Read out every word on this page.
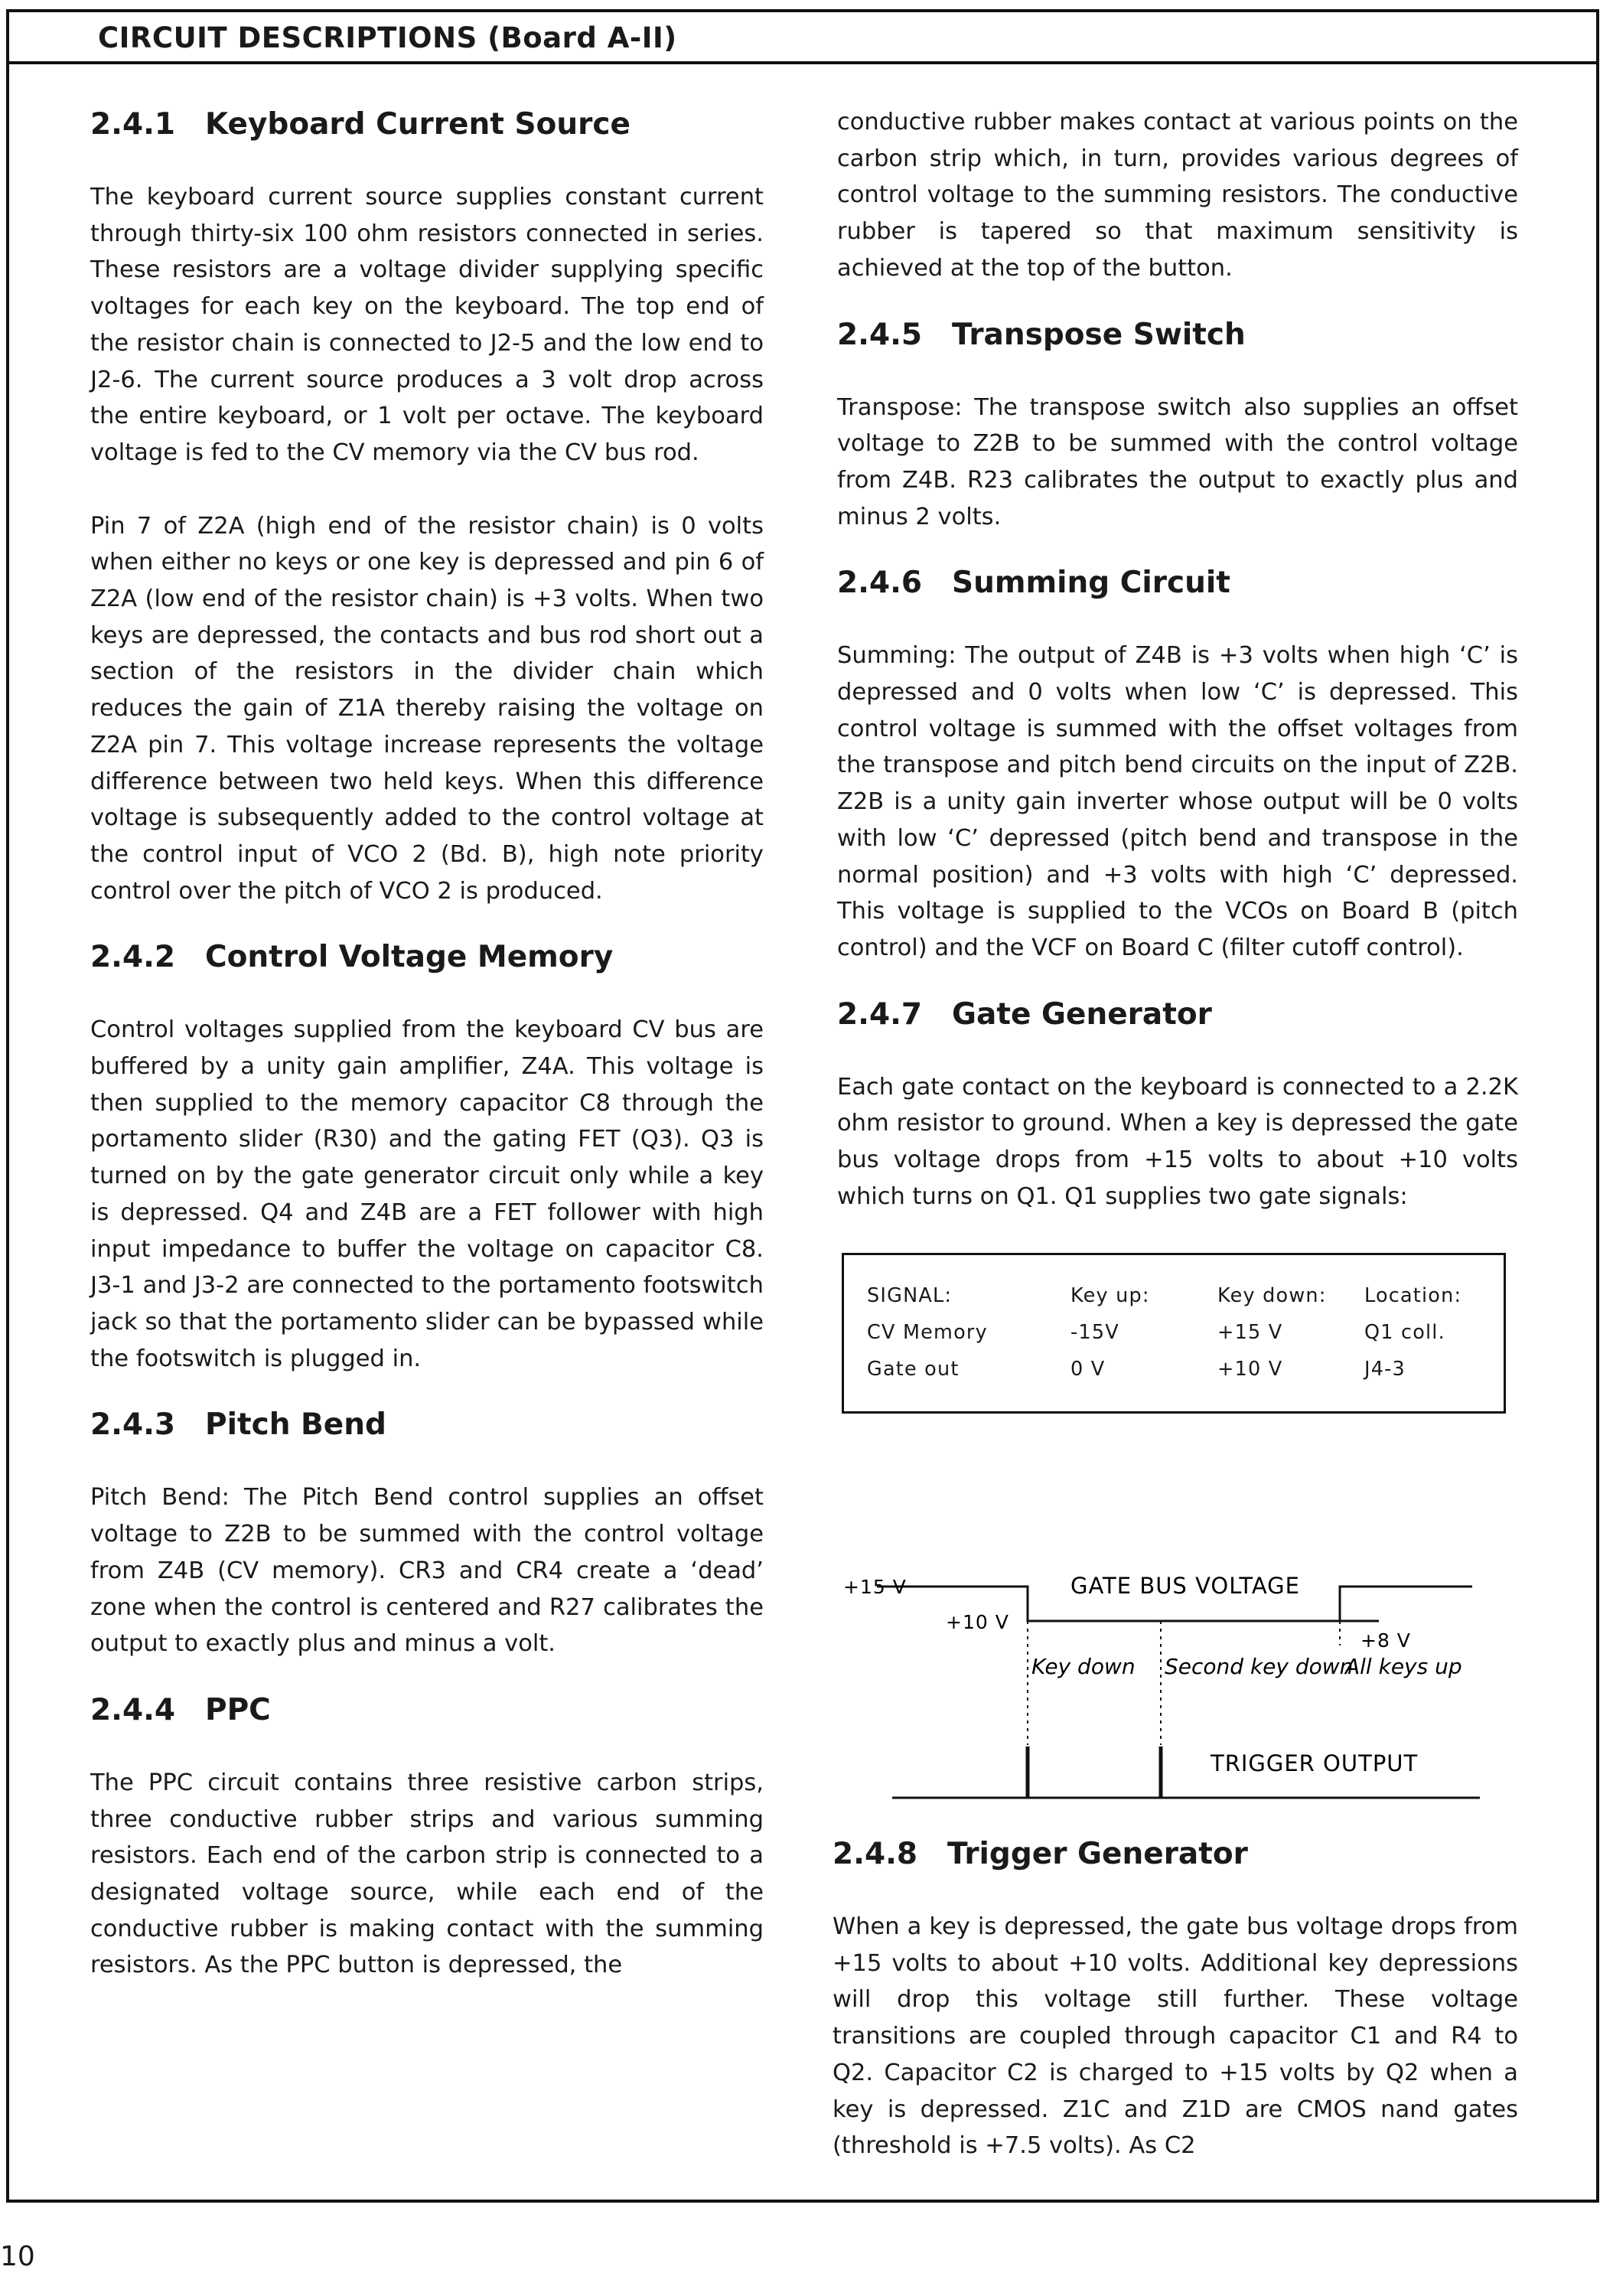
CIRCUIT DESCRIPTIONS (Board A-II)
2.4.1 Keyboard Current Source

The keyboard current source supplies constant current through thirty-six 100 ohm resistors connected in series. These resistors are a voltage divider supplying specific voltages for each key on the keyboard. The top end of the resistor chain is connected to J2-5 and the low end to J2-6. The current source produces a 3 volt drop across the entire keyboard, or 1 volt per octave. The keyboard voltage is fed to the CV memory via the CV bus rod.

Pin 7 of Z2A (high end of the resistor chain) is 0 volts when either no keys or one key is depressed and pin 6 of Z2A (low end of the resistor chain) is +3 volts. When two keys are depressed, the contacts and bus rod short out a section of the resistors in the divider chain which reduces the gain of Z1A thereby raising the voltage on Z2A pin 7. This voltage increase represents the voltage difference between two held keys. When this difference voltage is subsequently added to the control voltage at the control input of VCO 2 (Bd. B), high note priority control over the pitch of VCO 2 is produced.

2.4.2 Control Voltage Memory

Control voltages supplied from the keyboard CV bus are buffered by a unity gain amplifier, Z4A. This voltage is then supplied to the memory capacitor C8 through the portamento slider (R30) and the gating FET (Q3). Q3 is turned on by the gate generator circuit only while a key is depressed. Q4 and Z4B are a FET follower with high input impedance to buffer the voltage on capacitor C8. J3-1 and J3-2 are connected to the portamento footswitch jack so that the portamento slider can be bypassed while the footswitch is plugged in.

2.4.3 Pitch Bend

Pitch Bend: The Pitch Bend control supplies an offset voltage to Z2B to be summed with the control voltage from Z4B (CV memory). CR3 and CR4 create a ‘dead’ zone when the control is centered and R27 calibrates the output to exactly plus and minus a volt.

2.4.4 PPC

The PPC circuit contains three resistive carbon strips, three conductive rubber strips and various summing resistors. Each end of the carbon strip is connected to a designated voltage source, while each end of the conductive rubber is making contact with the summing resistors. As the PPC button is depressed, the

conductive rubber makes contact at various points on the carbon strip which, in turn, provides various degrees of control voltage to the summing resistors. The conductive rubber is tapered so that maximum sensitivity is achieved at the top of the button.

2.4.5 Transpose Switch

Transpose: The transpose switch also supplies an offset voltage to Z2B to be summed with the control voltage from Z4B. R23 calibrates the output to exactly plus and minus 2 volts.

2.4.6 Summing Circuit

Summing: The output of Z4B is +3 volts when high ‘C’ is depressed and 0 volts when low ‘C’ is depressed. This control voltage is summed with the offset voltages from the transpose and pitch bend circuits on the input of Z2B. Z2B is a unity gain inverter whose output will be 0 volts with low ‘C’ depressed (pitch bend and transpose in the normal position) and +3 volts with high ‘C’ depressed. This voltage is supplied to the VCOs on Board B (pitch control) and the VCF on Board C (filter cutoff control).

2.4.7 Gate Generator

Each gate contact on the keyboard is connected to a 2.2K ohm resistor to ground. When a key is depressed the gate bus voltage drops from +15 volts to about +10 volts which turns on Q1. Q1 supplies two gate signals:

SIGNAL:	Key up:	Key down:	Location:
CV Memory	-15V	+15 V	Q1 coll.
Gate out	0 V	+10 V	J4-3
+15 V
+10 V
+8 V
GATE BUS VOLTAGE
Key down Second key down
All keys up
TRIGGER OUTPUT
2.4.8 Trigger Generator

When a key is depressed, the gate bus voltage drops from +15 volts to about +10 volts. Additional key depressions will drop this voltage still further. These voltage transitions are coupled through capacitor C1 and R4 to Q2. Capacitor C2 is charged to +15 volts by Q2 when a key is depressed. Z1C and Z1D are CMOS nand gates (threshold is +7.5 volts). As C2

10
